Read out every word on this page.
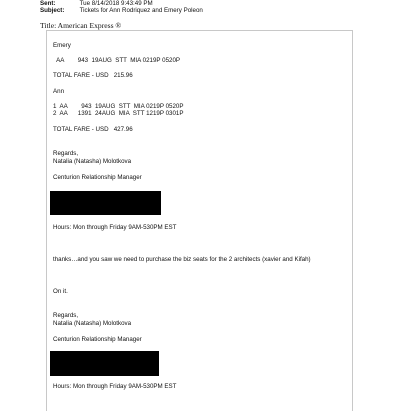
Sent:	Tue 8/14/2018 9:43:49 PM
Subject: Tickets for Ann Rodriquez and Emery Poleon
Title: American Express ®
Emery
AA        943  19AUG  STT  MIA 0219P 0520P
TOTAL FARE - USD   215.96
Ann
1  AA        943  19AUG  STT  MIA 0219P 0520P
2  AA      1391  24AUG  MIA  STT 1219P 0301P
TOTAL FARE - USD   427.96
Regards,
Natalia (Natasha) Molotkova
Centurion Relationship Manager
Hours: Mon through Friday 9AM-530PM EST
thanks…and you saw we need to purchase the biz seats for the 2 architects (xavier and Kifah)
On it.
Regards,
Natalia (Natasha) Molotkova
Centurion Relationship Manager
Hours: Mon through Friday 9AM-530PM EST
